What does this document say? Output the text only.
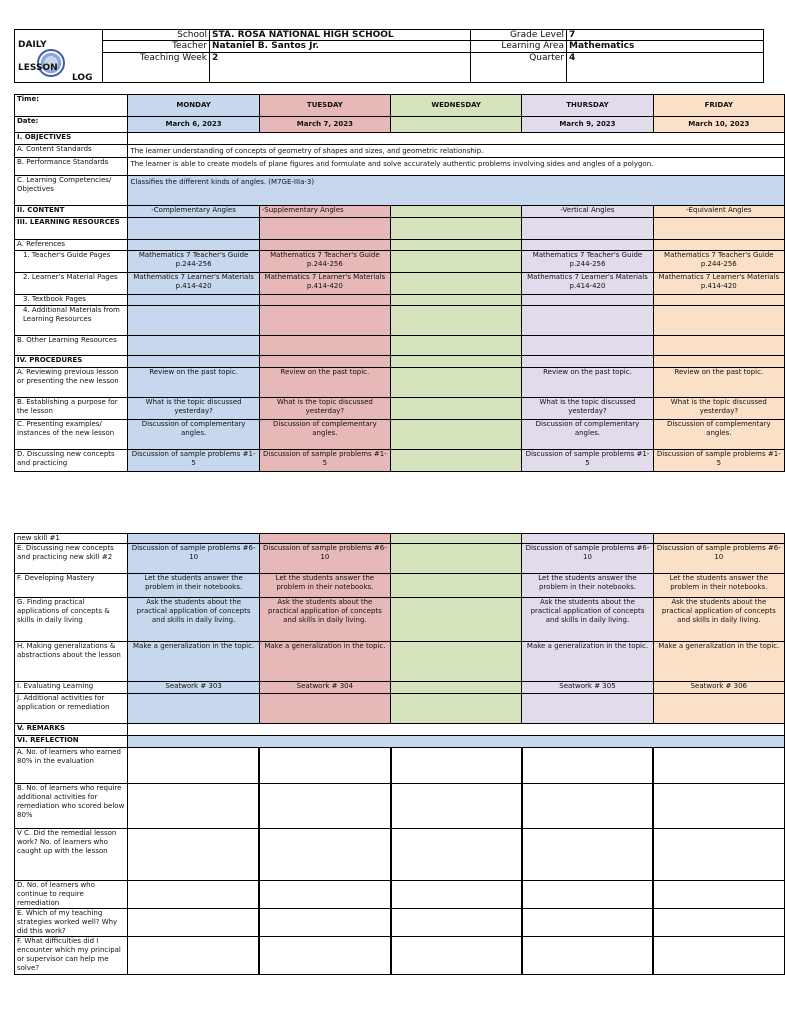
DAILY
LESSON
LOG	School	STA. ROSA NATIONAL HIGH SCHOOL	Grade Level	7
	Teacher	Nataniel B. Santos Jr.	Learning Area	Mathematics
	Teaching Week	2	Quarter	4
Time:	MONDAY	TUESDAY	WEDNESDAY	THURSDAY	FRIDAY
Date:	March 6, 2023	March 7, 2023		March 9, 2023	March 10, 2023
I. OBJECTIVES					
A. Content Standards	The learner understanding of concepts of geometry of shapes and sizes, and geometric relationship.				
B. Performance Standards	The learner is able to create models of plane figures and formulate and solve accurately authentic problems involving sides and angles of a polygon.				
C. Learning Competencies/ Objectives	Classifies the different kinds of angles. (M7GE-IIIa-3)				
II. CONTENT	-Complementary Angles	-Supplementary Angles		-Vertical Angles	-Equivalent Angles
III. LEARNING RESOURCES					
A. References					
1. Teacher's Guide Pages	Mathematics 7 Teacher's Guide p.244-256	Mathematics 7 Teacher's Guide p.244-256		Mathematics 7 Teacher's Guide p.244-256	Mathematics 7 Teacher's Guide p.244-256
2. Learner's Material Pages	Mathematics 7 Learner's Materials p.414-420	Mathematics 7 Learner's Materials p.414-420		Mathematics 7 Learner's Materials p.414-420	Mathematics 7 Learner's Materials p.414-420
3. Textbook Pages					
4. Additional Materials from Learning Resources					
B. Other Learning Resources					
IV. PROCEDURES					
A. Reviewing previous lesson or presenting the new lesson	Review on the past topic.	Review on the past topic.		Review on the past topic.	Review on the past topic.
B. Establishing a purpose for the lesson	What is the topic discussed yesterday?	What is the topic discussed yesterday?		What is the topic discussed yesterday?	What is the topic discussed yesterday?
C. Presenting examples/ instances of the new lesson	Discussion of complementary angles.	Discussion of complementary angles.		Discussion of complementary angles.	Discussion of complementary angles.
D. Discussing new concepts and practicing	Discussion of sample problems #1-5	Discussion of sample problems #1-5		Discussion of sample problems #1-5	Discussion of sample problems #1-5
new skill #1					
E. Discussing new concepts and practicing new skill #2	Discussion of sample problems #6-10	Discussion of sample problems #6-10		Discussion of sample problems #6-10	Discussion of sample problems #6-10
F. Developing Mastery	Let the students answer the problem in their notebooks.	Let the students answer the problem in their notebooks.		Let the students answer the problem in their notebooks.	Let the students answer the problem in their notebooks.
G. Finding practical applications of concepts & skills in daily living	Ask the students about the practical application of concepts and skills in daily living.	Ask the students about the practical application of concepts and skills in daily living.		Ask the students about the practical application of concepts and skills in daily living.	Ask the students about the practical application of concepts and skills in daily living.
H. Making generalizations & abstractions about the lesson	Make a generalization in the topic.	Make a generalization in the topic.		Make a generalization in the topic.	Make a generalization in the topic.
I. Evaluating Learning	Seatwork # 303	Seatwork # 304		Seatwork # 305	Seatwork # 306
J. Additional activities for application or remediation					
V. REMARKS					
VI. REFLECTION					
A. No. of learners who earned 80% in the evaluation					
B. No. of learners who require additional activities for remediation who scored below 80%					
V C. Did the remedial lesson work? No. of learners who caught up with the lesson					
D. No. of learners who continue to require remediation					
E. Which of my teaching strategies worked well? Why did this work?					
F. What difficulties did I encounter which my principal or supervisor can help me solve?					
